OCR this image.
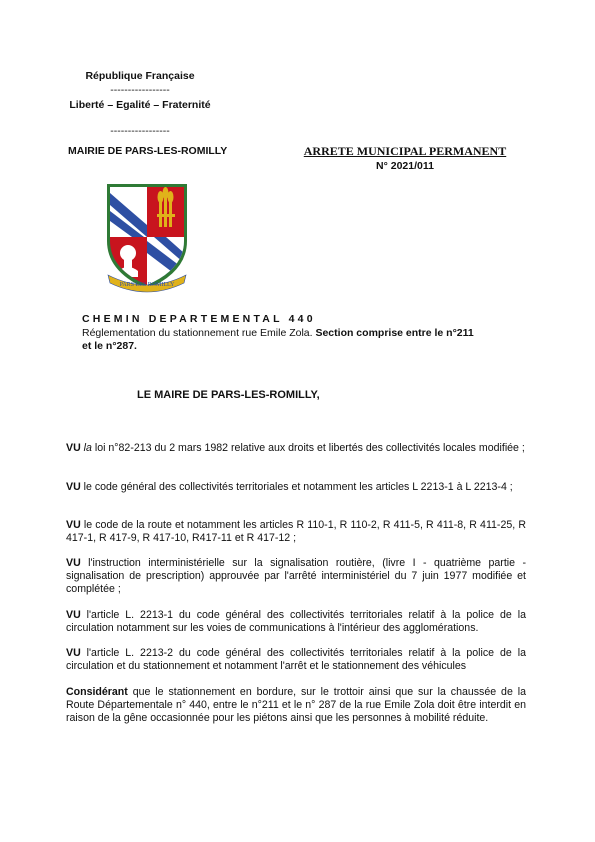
République Française
-----------------
Liberté – Egalité – Fraternité
-----------------
MAIRIE DE PARS-LES-ROMILLY	ARRETE MUNICIPAL PERMANENT
N° 2021/011
PARS LES ROMILLY
CHEMIN DEPARTEMENTAL 440
Réglementation du stationnement rue Emile Zola. Section comprise entre le n°211
et le n°287.
LE MAIRE DE PARS-LES-ROMILLY,
VU la loi n°82-213 du 2 mars 1982 relative aux droits et libertés des collectivités locales modifiée ;
VU le code général des collectivités territoriales et notamment les articles L 2213-1 à L 2213-4 ;
VU le code de la route et notamment les articles R 110-1, R 110-2, R 411-5, R 411-8, R 411-25, R 417-1, R 417-9, R 417-10, R417-11 et R 417-12 ;
VU l'instruction interministérielle sur la signalisation routière, (livre I - quatrième partie - signalisation de prescription) approuvée par l'arrêté interministériel du 7 juin 1977 modifiée et complétée ;
VU l'article L. 2213-1 du code général des collectivités territoriales relatif à la police de la circulation notamment sur les voies de communications à l'intérieur des agglomérations.
VU l'article L. 2213-2 du code général des collectivités territoriales relatif à la police de la circulation et du stationnement et notamment l'arrêt et le stationnement des véhicules
Considérant que le stationnement en bordure, sur le trottoir ainsi que sur la chaussée de la Route Départementale n° 440, entre le n°211 et le n° 287 de la rue Emile Zola doit être interdit en raison de la gêne occasionnée pour les piétons ainsi que les personnes à mobilité réduite.
